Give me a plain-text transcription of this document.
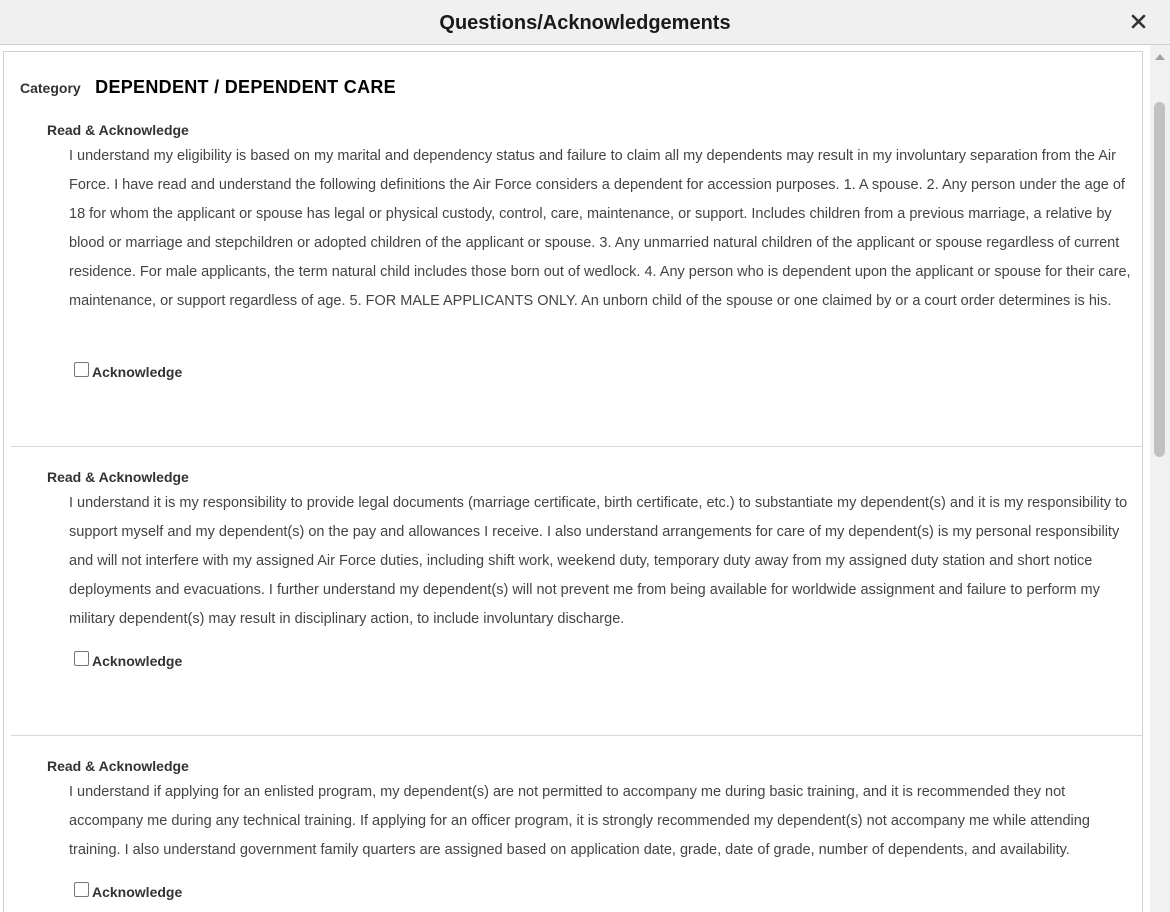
Questions/Acknowledgements
Category DEPENDENT / DEPENDENT CARE
Read & Acknowledge
I understand my eligibility is based on my marital and dependency status and failure to claim all my dependents may result in my involuntary separation from the Air Force. I have read and understand the following definitions the Air Force considers a dependent for accession purposes. 1. A spouse. 2. Any person under the age of 18 for whom the applicant or spouse has legal or physical custody, control, care, maintenance, or support. Includes children from a previous marriage, a relative by blood or marriage and stepchildren or adopted children of the applicant or spouse. 3. Any unmarried natural children of the applicant or spouse regardless of current residence. For male applicants, the term natural child includes those born out of wedlock. 4. Any person who is dependent upon the applicant or spouse for their care, maintenance, or support regardless of age. 5. FOR MALE APPLICANTS ONLY. An unborn child of the spouse or one claimed by or a court order determines is his.
Acknowledge
Read & Acknowledge
I understand it is my responsibility to provide legal documents (marriage certificate, birth certificate, etc.) to substantiate my dependent(s) and it is my responsibility to support myself and my dependent(s) on the pay and allowances I receive. I also understand arrangements for care of my dependent(s) is my personal responsibility and will not interfere with my assigned Air Force duties, including shift work, weekend duty, temporary duty away from my assigned duty station and short notice deployments and evacuations. I further understand my dependent(s) will not prevent me from being available for worldwide assignment and failure to perform my military dependent(s) may result in disciplinary action, to include involuntary discharge.
Acknowledge
Read & Acknowledge
I understand if applying for an enlisted program, my dependent(s) are not permitted to accompany me during basic training, and it is recommended they not accompany me during any technical training. If applying for an officer program, it is strongly recommended my dependent(s) not accompany me while attending training. I also understand government family quarters are assigned based on application date, grade, date of grade, number of dependents, and availability.
Acknowledge
